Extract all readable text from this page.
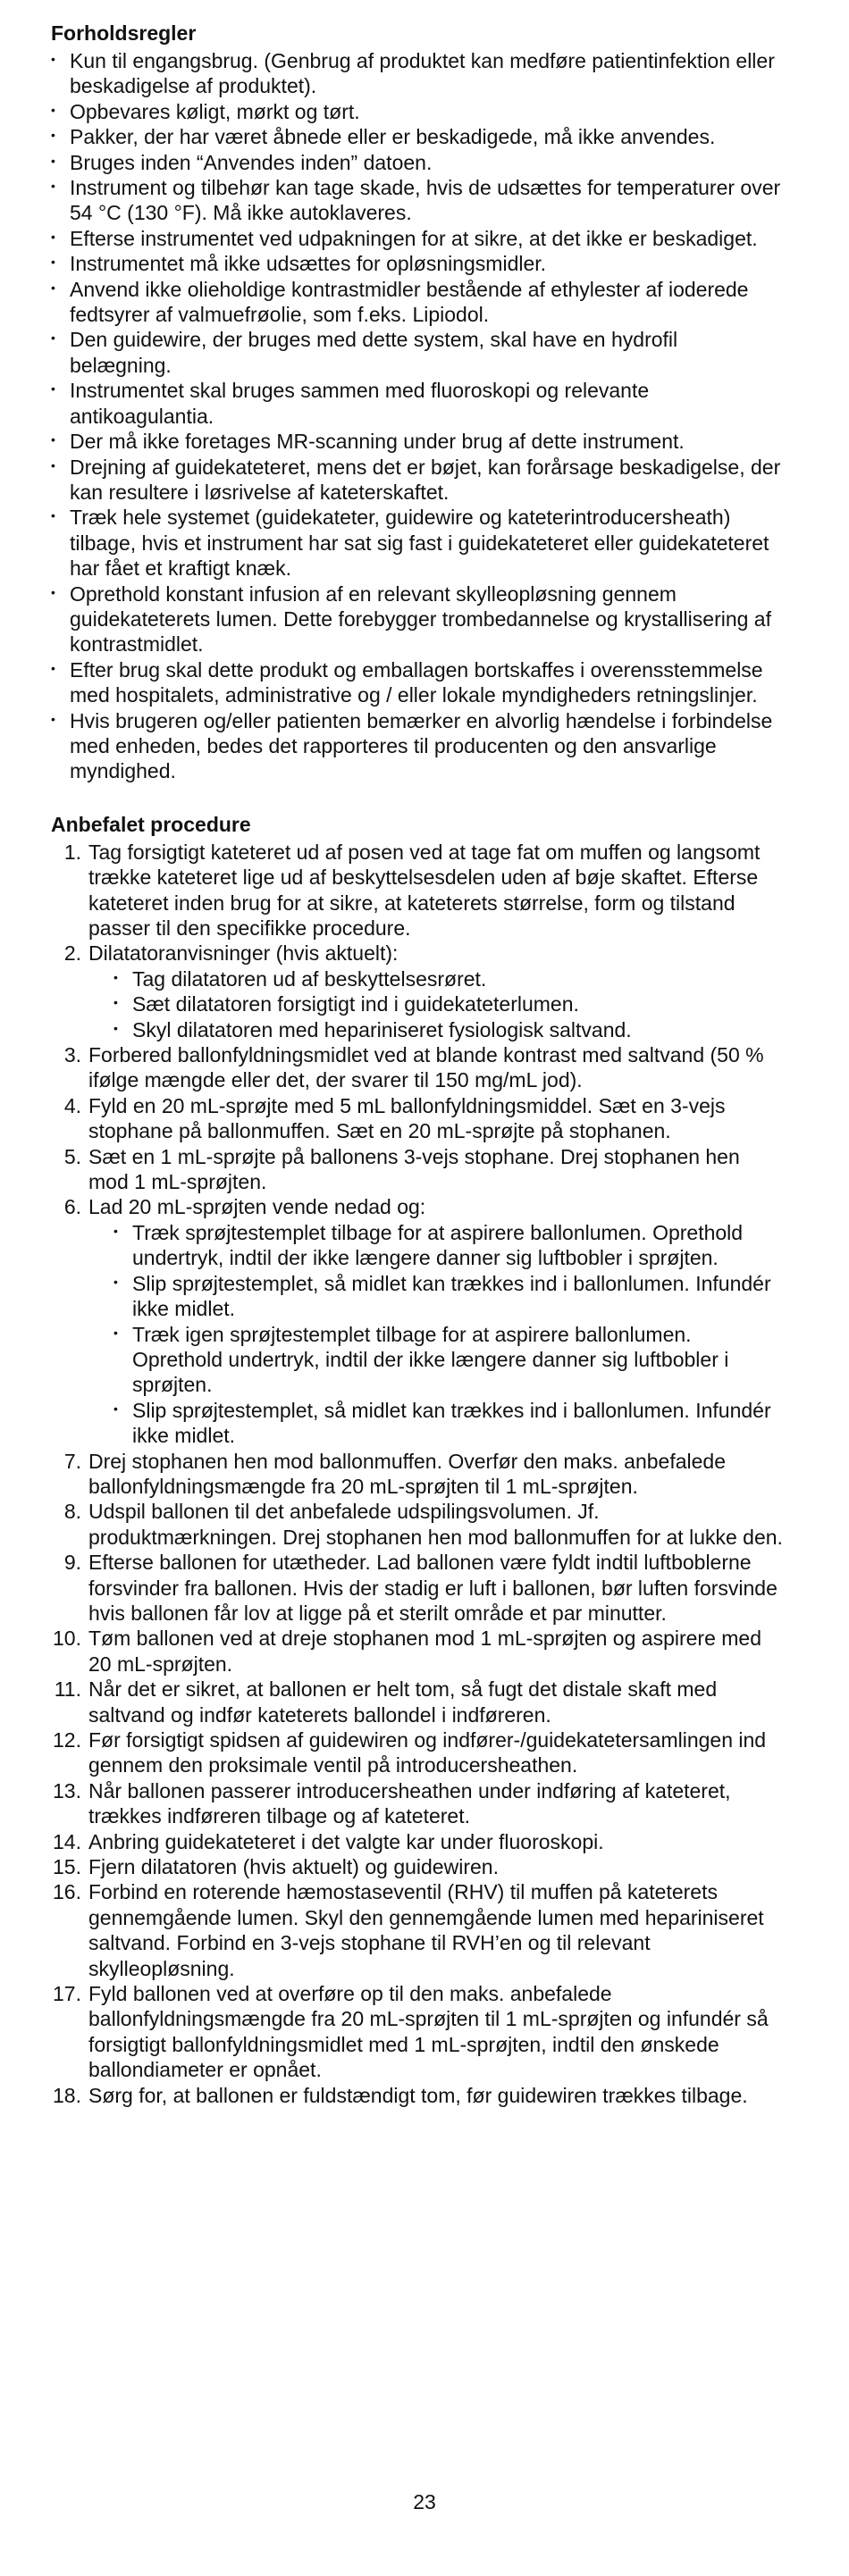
Forholdsregler
• Kun til engangsbrug. (Genbrug af produktet kan medføre patientinfektion eller beskadigelse af produktet).
• Opbevares køligt, mørkt og tørt.
• Pakker, der har været åbnede eller er beskadigede, må ikke anvendes.
• Bruges inden “Anvendes inden” datoen.
• Instrument og tilbehør kan tage skade, hvis de udsættes for temperaturer over 54 °C (130 °F). Må ikke autoklaveres.
• Efterse instrumentet ved udpakningen for at sikre, at det ikke er beskadiget.
• Instrumentet må ikke udsættes for opløsningsmidler.
• Anvend ikke olieholdige kontrastmidler bestående af ethylester af ioderede fedtsyrer af valmuefrøolie, som f.eks. Lipiodol.
• Den guidewire, der bruges med dette system, skal have en hydrofil belægning.
• Instrumentet skal bruges sammen med fluoroskopi og relevante antikoagulantia.
• Der må ikke foretages MR-scanning under brug af dette instrument.
• Drejning af guidekateteret, mens det er bøjet, kan forårsage beskadigelse, der kan resultere i løsrivelse af kateterskaftet.
• Træk hele systemet (guidekateter, guidewire og kateterintroducersheath) tilbage, hvis et instrument har sat sig fast i guidekateteret eller guidekateteret har fået et kraftigt knæk.
• Oprethold konstant infusion af en relevant skylleopløsning gennem guidekateterets lumen. Dette forebygger trombedannelse og krystallisering af kontrastmidlet.
• Efter brug skal dette produkt og emballagen bortskaffes i overensstemmelse med hospitalets, administrative og / eller lokale myndigheders retningslinjer.
• Hvis brugeren og/eller patienten bemærker en alvorlig hændelse i forbindelse med enheden, bedes det rapporteres til producenten og den ansvarlige myndighed.
Anbefalet procedure
1. Tag forsigtigt kateteret ud af posen ved at tage fat om muffen og langsomt trække kateteret lige ud af beskyttelsesdelen uden af bøje skaftet. Efterse kateteret inden brug for at sikre, at kateterets størrelse, form og tilstand passer til den specifikke procedure.
2. Dilatatoranvisninger (hvis aktuelt):
• Tag dilatatoren ud af beskyttelsesrøret.
• Sæt dilatatoren forsigtigt ind i guidekateterlumen.
• Skyl dilatatoren med hepariniseret fysiologisk saltvand.
3. Forbered ballonfyldningsmidlet ved at blande kontrast med saltvand (50 % ifølge mængde eller det, der svarer til 150 mg/mL jod).
4. Fyld en 20 mL-sprøjte med 5 mL ballonfyldningsmiddel. Sæt en 3-vejs stophane på ballonmuffen. Sæt en 20 mL-sprøjte på stophanen.
5. Sæt en 1 mL-sprøjte på ballonens 3-vejs stophane. Drej stophanen hen mod 1 mL-sprøjten.
6. Lad 20 mL-sprøjten vende nedad og:
• Træk sprøjtestemplet tilbage for at aspirere ballonlumen. Oprethold undertryk, indtil der ikke længere danner sig luftbobler i sprøjten.
• Slip sprøjtestemplet, så midlet kan trækkes ind i ballonlumen. Infundér ikke midlet.
• Træk igen sprøjtestemplet tilbage for at aspirere ballonlumen. Oprethold undertryk, indtil der ikke længere danner sig luftbobler i sprøjten.
• Slip sprøjtestemplet, så midlet kan trækkes ind i ballonlumen. Infundér ikke midlet.
7. Drej stophanen hen mod ballonmuffen. Overfør den maks. anbefalede ballonfyldningsmængde fra 20 mL-sprøjten til 1 mL-sprøjten.
8. Udspil ballonen til det anbefalede udspilingsvolumen. Jf. produktmærkningen. Drej stophanen hen mod ballonmuffen for at lukke den.
9. Efterse ballonen for utætheder. Lad ballonen være fyldt indtil luftboblerne forsvinder fra ballonen. Hvis der stadig er luft i ballonen, bør luften forsvinde hvis ballonen får lov at ligge på et sterilt område et par minutter.
10. Tøm ballonen ved at dreje stophanen mod 1 mL-sprøjten og aspirere med 20 mL-sprøjten.
11. Når det er sikret, at ballonen er helt tom, så fugt det distale skaft med saltvand og indfør kateterets ballondel i indføreren.
12. Før forsigtigt spidsen af guidewiren og indfører-/guidekatetersamlingen ind gennem den proksimale ventil på introducersheathen.
13. Når ballonen passerer introducersheathen under indføring af kateteret, trækkes indføreren tilbage og af kateteret.
14. Anbring guidekateteret i det valgte kar under fluoroskopi.
15. Fjern dilatatoren (hvis aktuelt) og guidewiren.
16. Forbind en roterende hæmostaseventil (RHV) til muffen på kateterets gennemgående lumen. Skyl den gennemgående lumen med hepariniseret saltvand. Forbind en 3-vejs stophane til RVH’en og til relevant skylleopløsning.
17. Fyld ballonen ved at overføre op til den maks. anbefalede ballonfyldningsmængde fra 20 mL-sprøjten til 1 mL-sprøjten og infundér så forsigtigt ballonfyldningsmidlet med 1 mL-sprøjten, indtil den ønskede ballondiameter er opnået.
18. Sørg for, at ballonen er fuldstændigt tom, før guidewiren trækkes tilbage.
23
